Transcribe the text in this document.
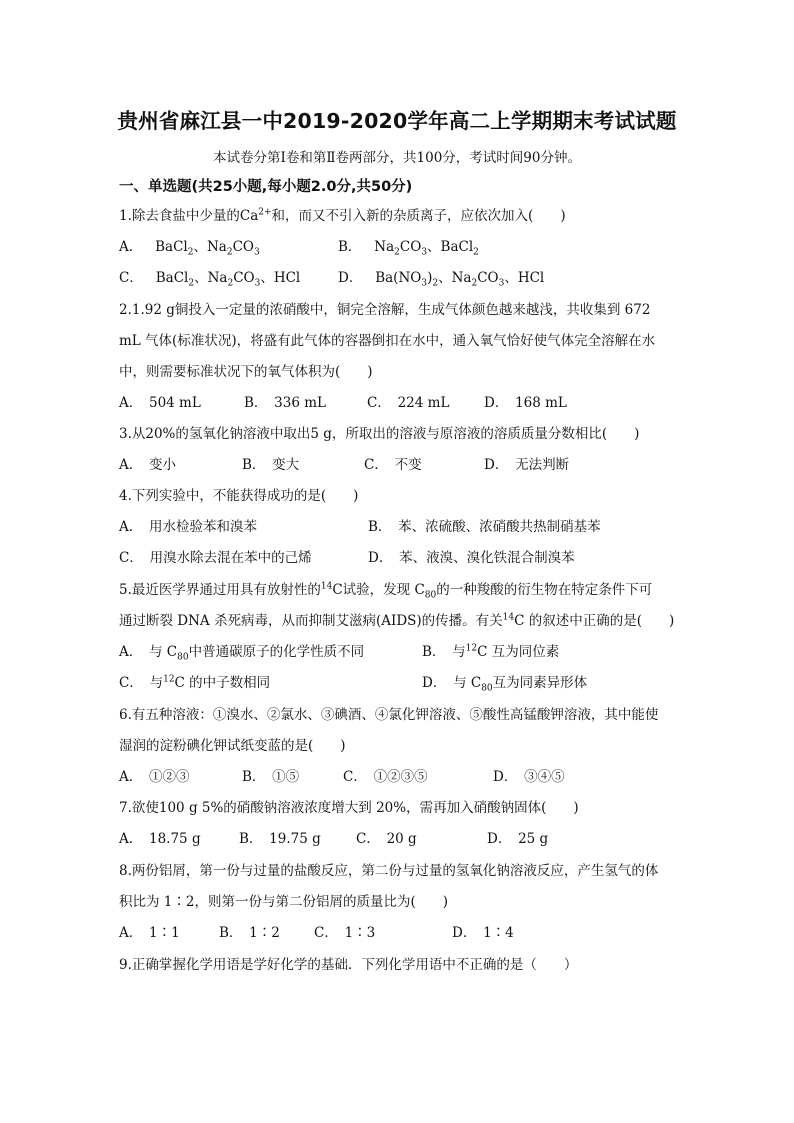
贵州省麻江县一中2019-2020学年高二上学期期末考试试题
本试卷分第Ⅰ卷和第Ⅱ卷两部分，共100分，考试时间90分钟。
一、单选题(共25小题,每小题2.0分,共50分)
1.除去食盐中少量的$Ca^{2+}$和，而又不引入新的杂质离子，应依次加入(　　)
A． BaCl$_2$、$Na_2CO_3$	B． $Na_2CO_3$、BaCl$_2$
C． BaCl$_2$、$Na_2CO_3$、HCl	D． $Ba(NO_3)_2$、$Na_2CO_3$、HCl
2.1.92 g铜投入一定量的浓硝酸中，铜完全溶解，生成气体颜色越来越浅，共收集到 672
mL 气体(标准状况)，将盛有此气体的容器倒扣在水中，通入氧气恰好使气体完全溶解在水
中，则需要标准状况下的氧气体积为(　　)
A．　504 mL	B．　336 mL	C．　224 mL	D．　168 mL
3.从20%的氢氧化钠溶液中取出5 g，所取出的溶液与原溶液的溶质质量分数相比(　　)
A．　变小	B．　变大	C．　不变	D．　无法判断
4.下列实验中，不能获得成功的是(　　)
A．　用水检验苯和溴苯	B．　苯、浓硫酸、浓硝酸共热制硝基苯
C．　用溴水除去混在苯中的己烯	D．　苯、液溴、溴化铁混合制溴苯
5.最近医学界通过用具有放射性的$^{14}$C试验，发现 $C_{80}$的一种羧酸的衍生物在特定条件下可
通过断裂 DNA 杀死病毒，从而抑制艾滋病(AIDS)的传播。有关$^{14}$C 的叙述中正确的是(　　)
A．　与 $C_{80}$中普通碳原子的化学性质不同	B．　与$^{12}$C 互为同位素
C．　与$^{12}$C 的中子数相同	D．　与 $C_{80}$互为同素异形体
6.有五种溶液：①溴水、②氯水、③碘酒、④氯化钾溶液、⑤酸性高锰酸钾溶液，其中能使
湿润的淀粉碘化钾试纸变蓝的是(　　)
A．　①②③	B．　①⑤	C．　①②③⑤	D．　③④⑤
7.欲使100 g 5%的硝酸钠溶液浓度增大到 20%，需再加入硝酸钠固体(　　)
A．　18.75 g	B．　19.75 g	C．　20 g	D．　25 g
8.两份铝屑，第一份与过量的盐酸反应，第二份与过量的氢氧化钠溶液反应，产生氢气的体
积比为 1∶2，则第一份与第二份铝屑的质量比为(　　)
A．　1∶1	B．　1∶2	C．　1∶3	D．　1∶4
9.正确掌握化学用语是学好化学的基础．下列化学用语中不正确的是（　　）
